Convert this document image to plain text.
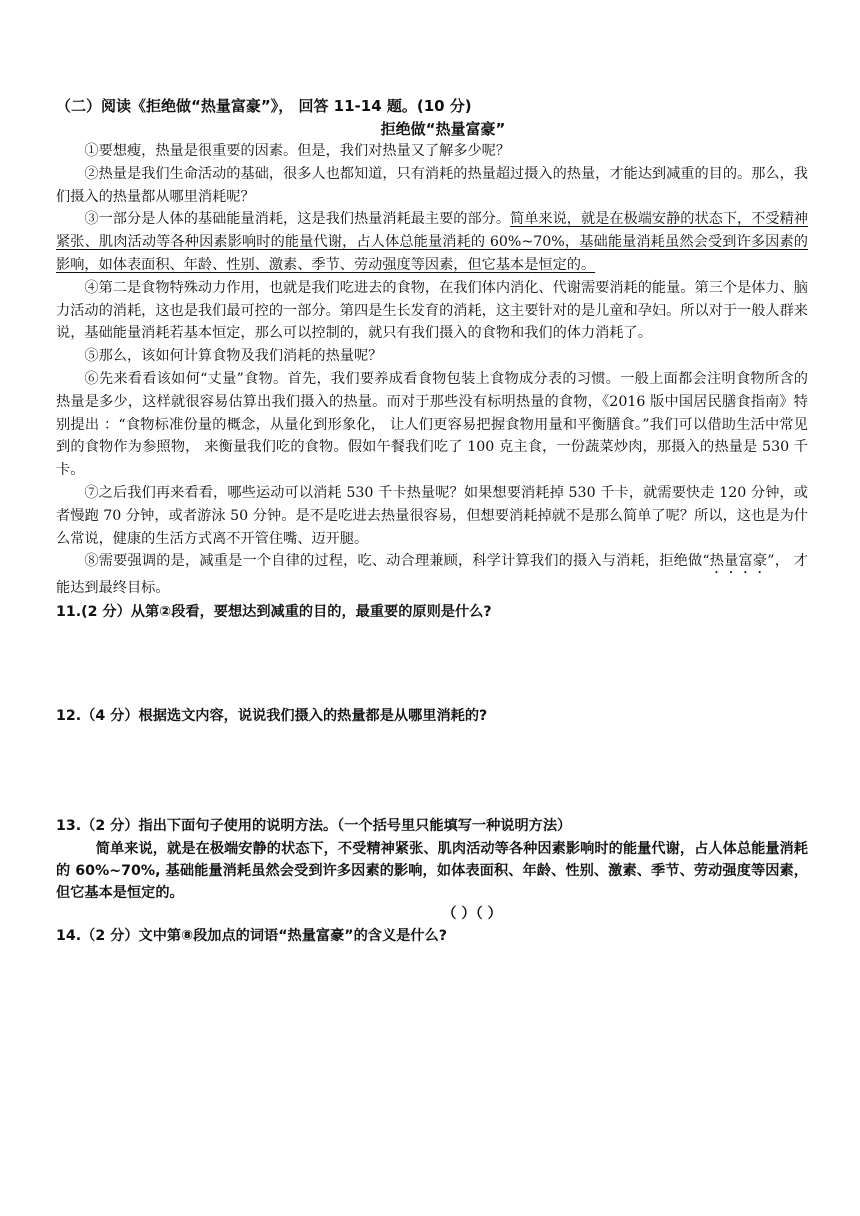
（二）阅读《拒绝做“热量富豪”》， 回答 11-14 题。(10 分)

拒绝做“热量富豪”

①要想瘦，热量是很重要的因素。但是，我们对热量又了解多少呢？

②热量是我们生命活动的基础，很多人也都知道，只有消耗的热量超过摄入的热量，才能达到减重的目的。那么，我们摄入的热量都从哪里消耗呢？

③一部分是人体的基础能量消耗，这是我们热量消耗最主要的部分。简单来说，就是在极端安静的状态下，不受精神紧张、肌肉活动等各种因素影响时的能量代谢，占人体总能量消耗的 60%~70%，基础能量消耗虽然会受到许多因素的影响，如体表面积、年龄、性别、激素、季节、劳动强度等因素，但它基本是恒定的。

④第二是食物特殊动力作用，也就是我们吃进去的食物，在我们体内消化、代谢需要消耗的能量。第三个是体力、脑力活动的消耗，这也是我们最可控的一部分。第四是生长发育的消耗，这主要针对的是儿童和孕妇。所以对于一般人群来说，基础能量消耗若基本恒定，那么可以控制的，就只有我们摄入的食物和我们的体力消耗了。

⑤那么，该如何计算食物及我们消耗的热量呢？

⑥先来看看该如何“丈量”食物。首先，我们要养成看食物包装上食物成分表的习惯。一般上面都会注明食物所含的热量是多少，这样就很容易估算出我们摄入的热量。而对于那些没有标明热量的食物，《2016 版中国居民膳食指南》特别提出 ：“食物标准份量的概念，从量化到形象化， 让人们更容易把握食物用量和平衡膳食。”我们可以借助生活中常见到的食物作为参照物， 来衡量我们吃的食物。假如午餐我们吃了 100 克主食，一份蔬菜炒肉，那摄入的热量是 530 千卡。

⑦之后我们再来看看，哪些运动可以消耗 530 千卡热量呢？如果想要消耗掉 530 千卡，就需要快走 120 分钟，或者慢跑 70 分钟，或者游泳 50 分钟。是不是吃进去热量很容易，但想要消耗掉就不是那么简单了呢？所以，这也是为什么常说，健康的生活方式离不开管住嘴、迈开腿。

⑧需要强调的是，减重是一个自律的过程，吃、动合理兼顾，科学计算我们的摄入与消耗，拒绝做“热量富豪”， 才能达到最终目标。

11.(2 分）从第②段看，要想达到减重的目的，最重要的原则是什么?

12.（4 分）根据选文内容，说说我们摄入的热量都是从哪里消耗的?

13.（2 分）指出下面句子使用的说明方法。（一个括号里只能填写一种说明方法）

简单来说，就是在极端安静的状态下，不受精神紧张、肌肉活动等各种因素影响时的能量代谢，占人体总能量消耗的 60%~70%, 基础能量消耗虽然会受到许多因素的影响，如体表面积、年龄、性别、激素、季节、劳动强度等因素，但它基本是恒定的。

（ ）（ ）

14.（2 分）文中第⑧段加点的词语“热量富豪”的含义是什么?
